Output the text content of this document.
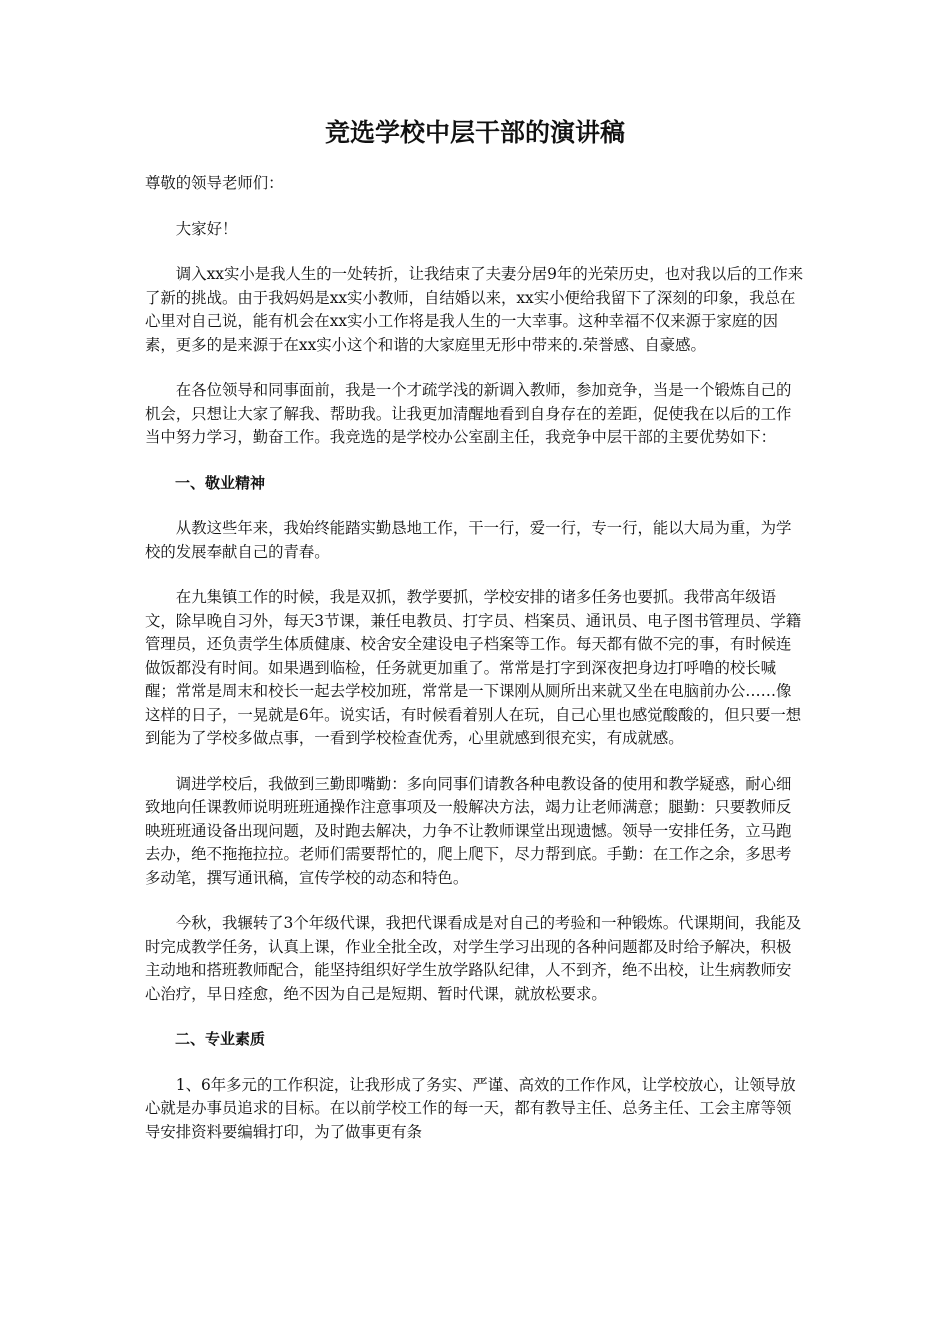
竞选学校中层干部的演讲稿

尊敬的领导老师们：

大家好！

调入xx实小是我人生的一处转折，让我结束了夫妻分居9年的光荣历史，也对我以后的工作来了新的挑战。由于我妈妈是xx实小教师，自结婚以来，xx实小便给我留下了深刻的印象，我总在心里对自己说，能有机会在xx实小工作将是我人生的一大幸事。这种幸福不仅来源于家庭的因素，更多的是来源于在xx实小这个和谐的大家庭里无形中带来的.荣誉感、自豪感。

在各位领导和同事面前，我是一个才疏学浅的新调入教师，参加竞争，当是一个锻炼自己的机会，只想让大家了解我、帮助我。让我更加清醒地看到自身存在的差距，促使我在以后的工作当中努力学习，勤奋工作。我竞选的是学校办公室副主任，我竞争中层干部的主要优势如下：

一、敬业精神

从教这些年来，我始终能踏实勤恳地工作，干一行，爱一行，专一行，能以大局为重，为学校的发展奉献自己的青春。

在九集镇工作的时候，我是双抓，教学要抓，学校安排的诸多任务也要抓。我带高年级语文，除早晚自习外，每天3节课，兼任电教员、打字员、档案员、通讯员、电子图书管理员、学籍管理员，还负责学生体质健康、校舍安全建设电子档案等工作。每天都有做不完的事，有时候连做饭都没有时间。如果遇到临检，任务就更加重了。常常是打字到深夜把身边打呼噜的校长喊醒；常常是周末和校长一起去学校加班，常常是一下课刚从厕所出来就又坐在电脑前办公……像这样的日子，一晃就是6年。说实话，有时候看着别人在玩，自己心里也感觉酸酸的，但只要一想到能为了学校多做点事，一看到学校检查优秀，心里就感到很充实，有成就感。

调进学校后，我做到三勤即嘴勤：多向同事们请教各种电教设备的使用和教学疑惑，耐心细致地向任课教师说明班班通操作注意事项及一般解决方法，竭力让老师满意；腿勤：只要教师反映班班通设备出现问题，及时跑去解决，力争不让教师课堂出现遗憾。领导一安排任务，立马跑去办，绝不拖拖拉拉。老师们需要帮忙的，爬上爬下，尽力帮到底。手勤：在工作之余，多思考多动笔，撰写通讯稿，宣传学校的动态和特色。

今秋，我辗转了3个年级代课，我把代课看成是对自己的考验和一种锻炼。代课期间，我能及时完成教学任务，认真上课，作业全批全改，对学生学习出现的各种问题都及时给予解决，积极主动地和搭班教师配合，能坚持组织好学生放学路队纪律，人不到齐，绝不出校，让生病教师安心治疗，早日痊愈，绝不因为自己是短期、暂时代课，就放松要求。

二、专业素质

1、6年多元的工作积淀，让我形成了务实、严谨、高效的工作作风，让学校放心，让领导放心就是办事员追求的目标。在以前学校工作的每一天，都有教导主任、总务主任、工会主席等领导安排资料要编辑打印，为了做事更有条
